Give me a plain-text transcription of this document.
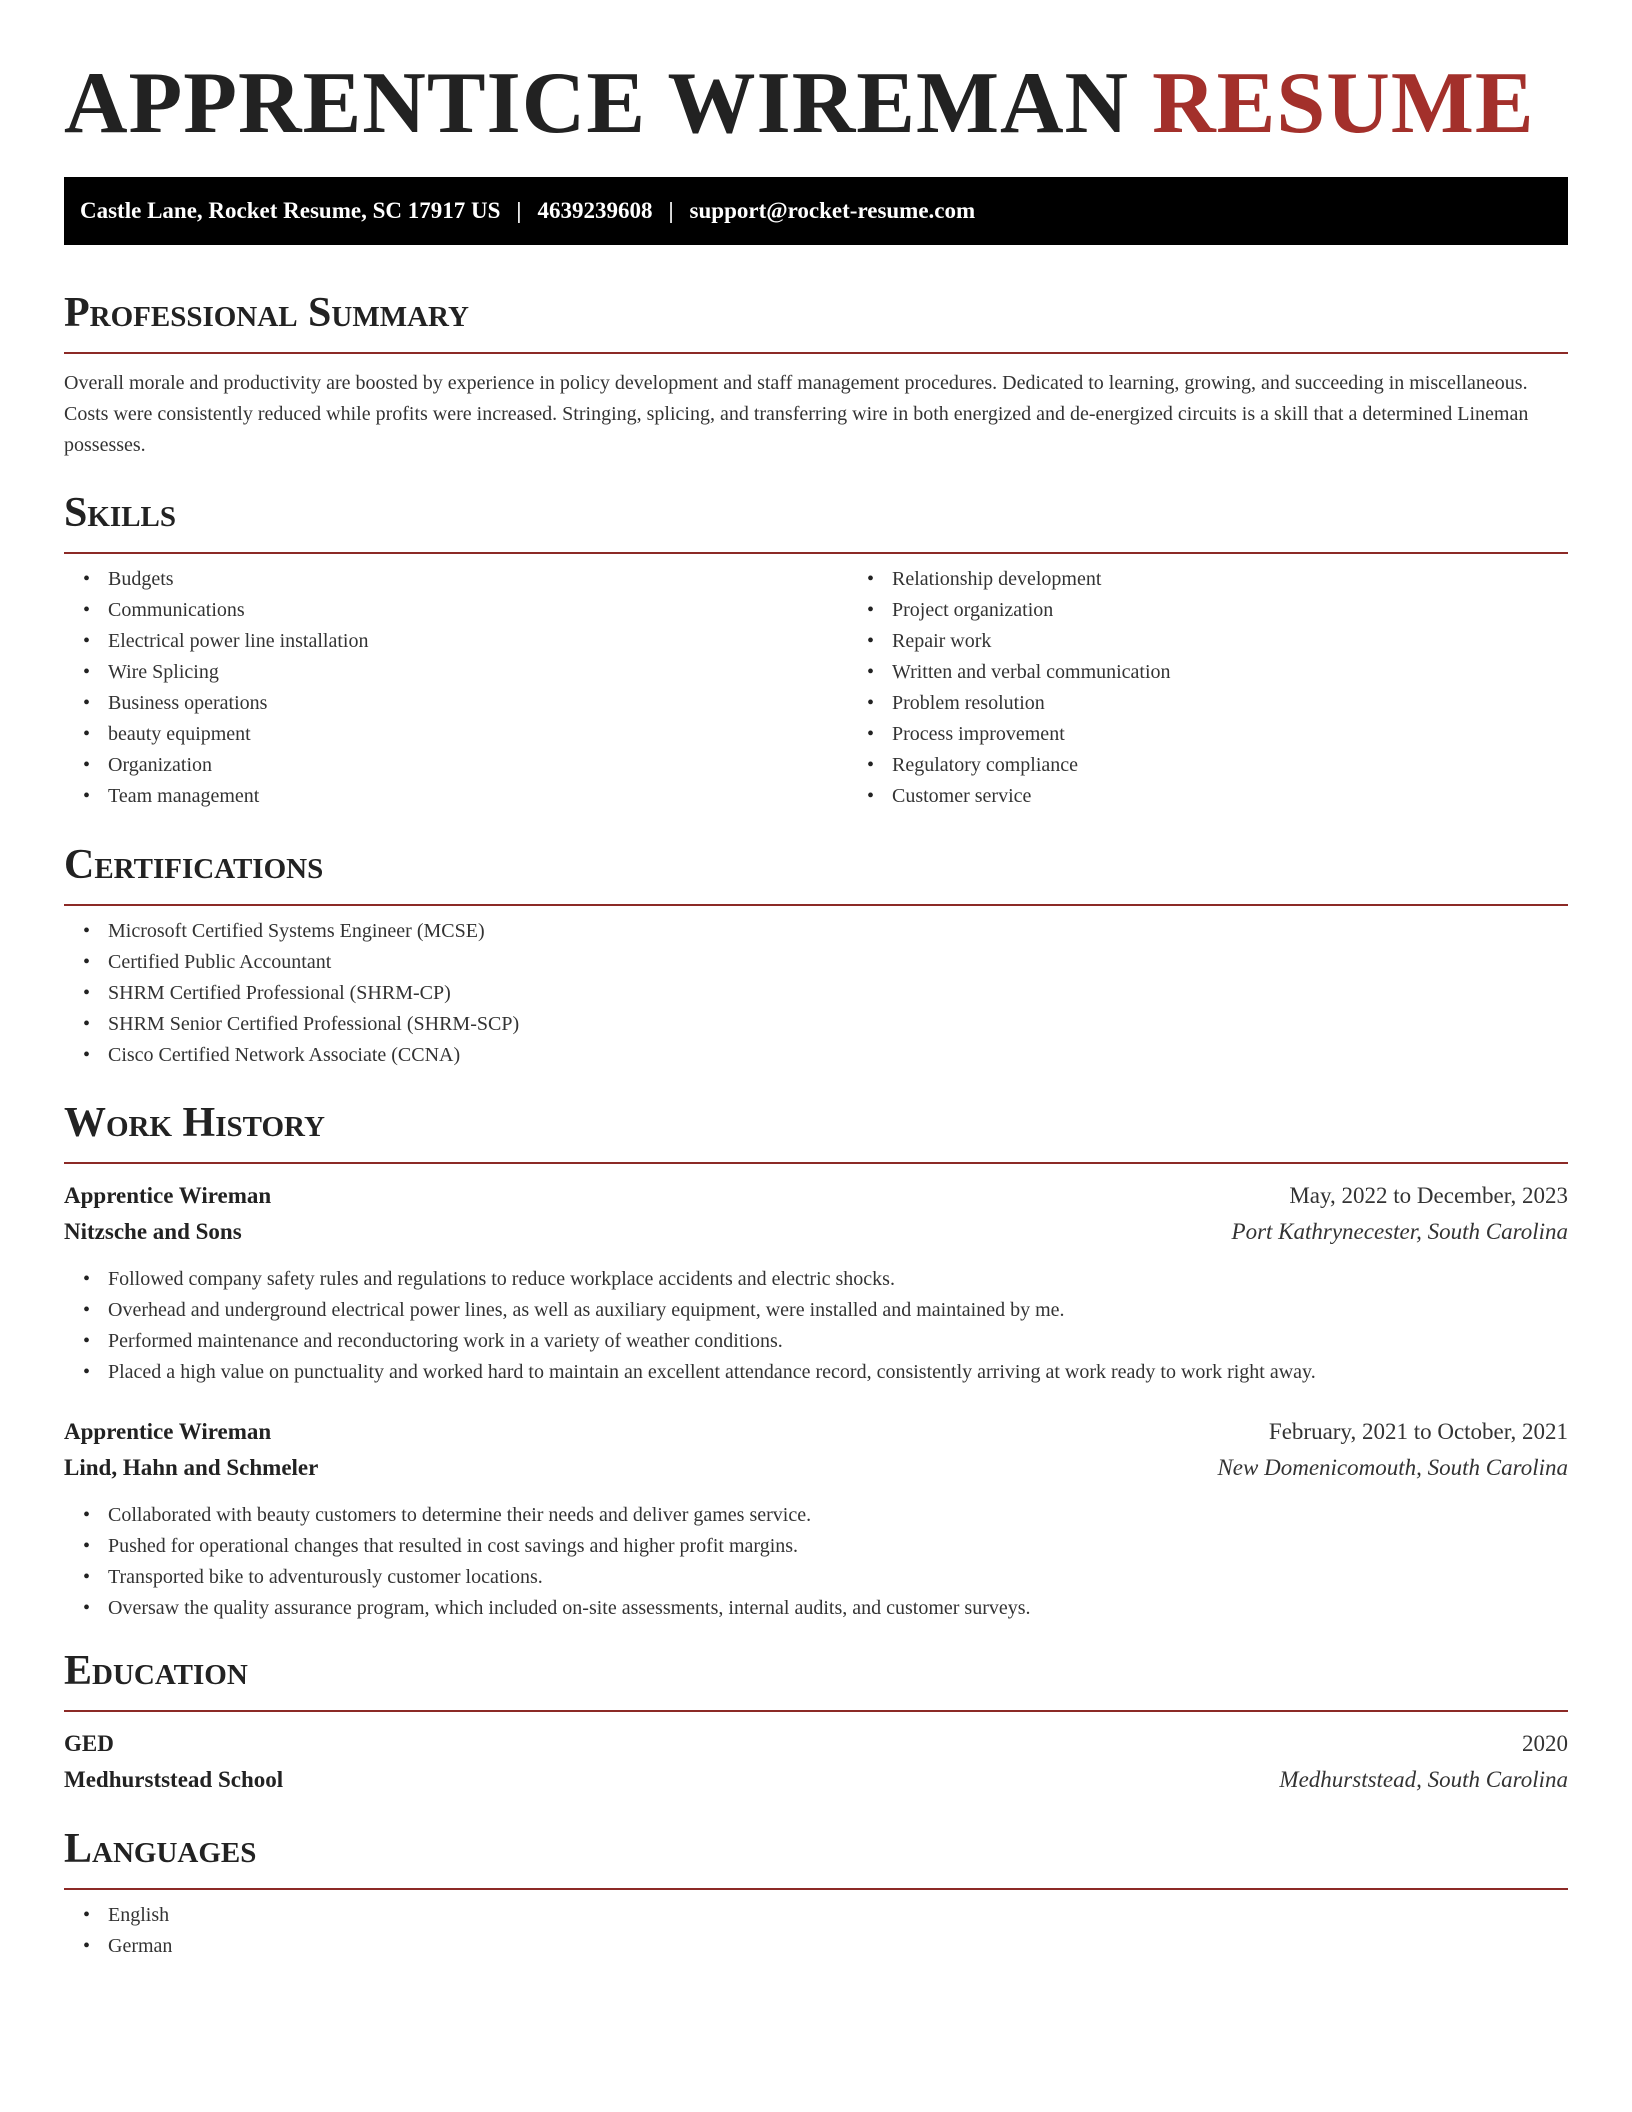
APPRENTICE WIREMAN RESUME
Castle Lane, Rocket Resume, SC 17917 US | 4639239608 | support@rocket-resume.com
Professional Summary

Overall morale and productivity are boosted by experience in policy development and staff management procedures. Dedicated to learning, growing, and succeeding in miscellaneous. Costs were consistently reduced while profits were increased. Stringing, splicing, and transferring wire in both energized and de-energized circuits is a skill that a determined Lineman possesses.

Skills
• Budgets
• Communications
• Electrical power line installation
• Wire Splicing
• Business operations
• beauty equipment
• Organization
• Team management
• Relationship development
• Project organization
• Repair work
• Written and verbal communication
• Problem resolution
• Process improvement
• Regulatory compliance
• Customer service
Certifications
• Microsoft Certified Systems Engineer (MCSE)
• Certified Public Accountant
• SHRM Certified Professional (SHRM-CP)
• SHRM Senior Certified Professional (SHRM-SCP)
• Cisco Certified Network Associate (CCNA)
Work History
Apprentice Wireman	May, 2022 to December, 2023
Nitzsche and Sons	Port Kathrynecester, South Carolina
• Followed company safety rules and regulations to reduce workplace accidents and electric shocks.
• Overhead and underground electrical power lines, as well as auxiliary equipment, were installed and maintained by me.
• Performed maintenance and reconductoring work in a variety of weather conditions.
• Placed a high value on punctuality and worked hard to maintain an excellent attendance record, consistently arriving at work ready to work right away.
Apprentice Wireman	February, 2021 to October, 2021
Lind, Hahn and Schmeler	New Domenicomouth, South Carolina
• Collaborated with beauty customers to determine their needs and deliver games service.
• Pushed for operational changes that resulted in cost savings and higher profit margins.
• Transported bike to adventurously customer locations.
• Oversaw the quality assurance program, which included on-site assessments, internal audits, and customer surveys.
Education
GED	2020
Medhurststead School	Medhurststead, South Carolina
Languages
• English
• German
